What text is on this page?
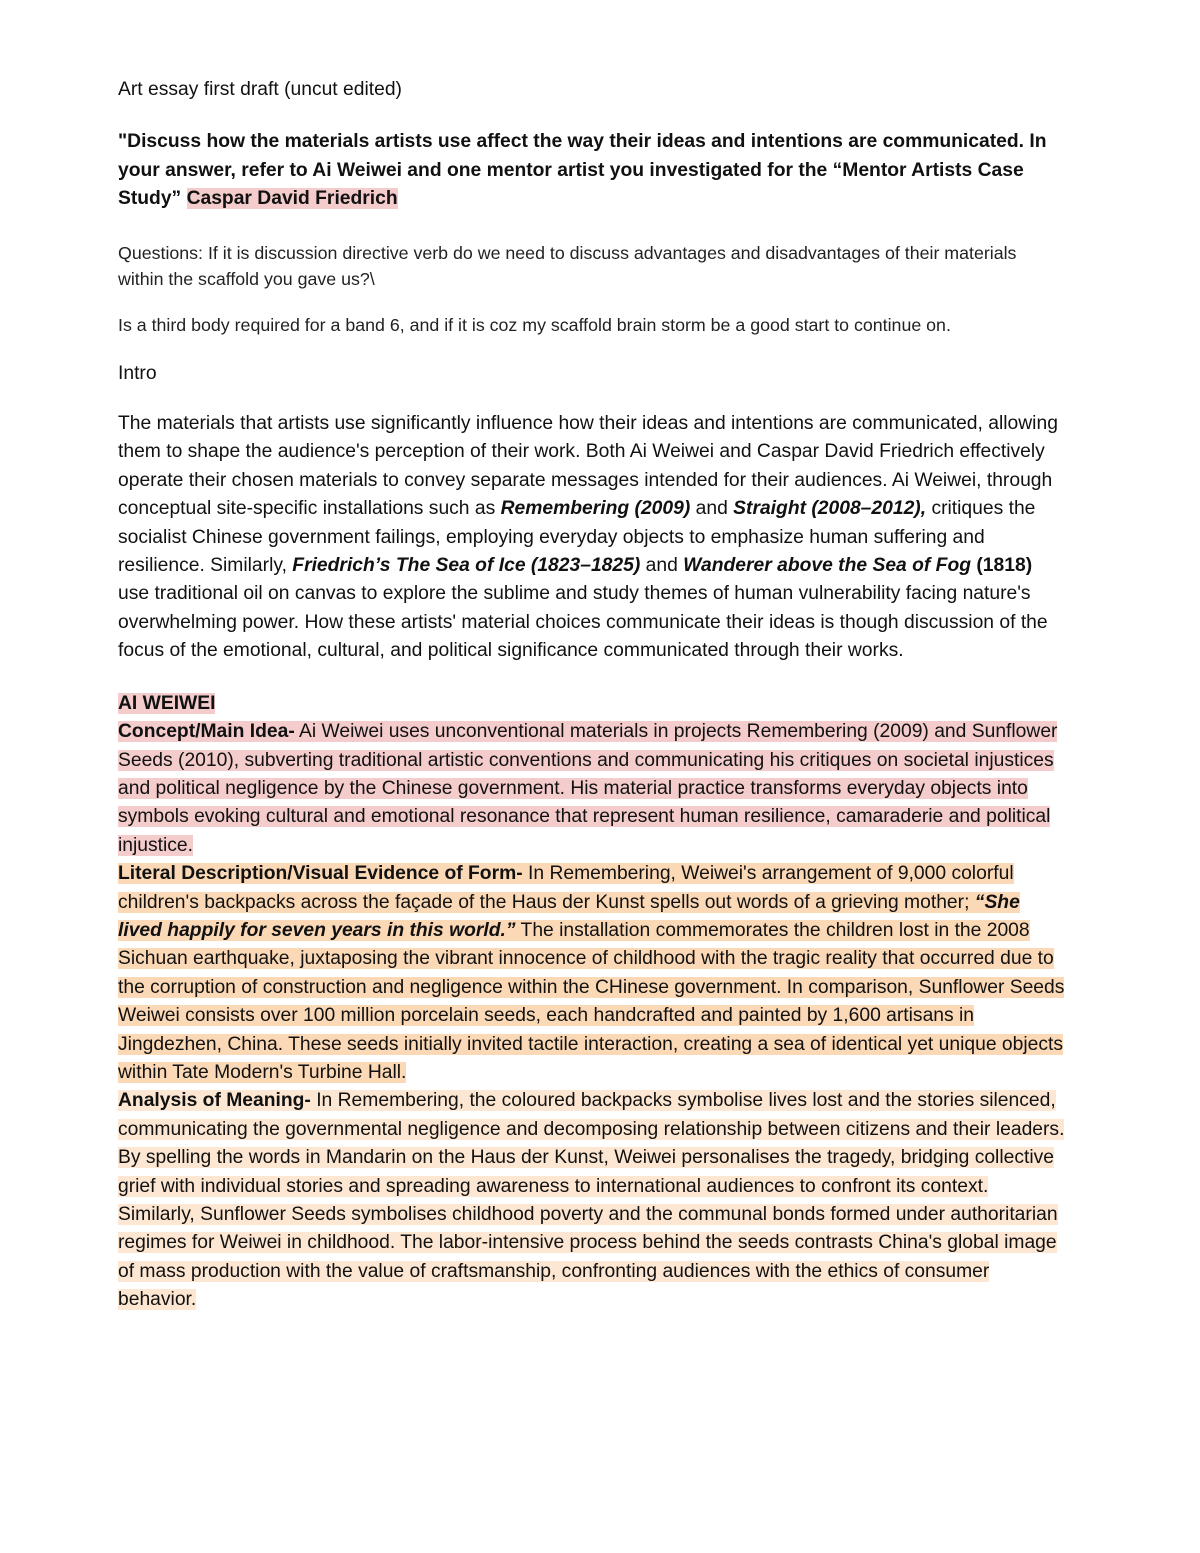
Art essay first draft (uncut edited)

"Discuss how the materials artists use affect the way their ideas and intentions are communicated. In your answer, refer to Ai Weiwei and one mentor artist you investigated for the “Mentor Artists Case Study” Caspar David Friedrich

Questions: If it is discussion directive verb do we need to discuss advantages and disadvantages of their materials within the scaffold you gave us?\

Is a third body required for a band 6, and if it is coz my scaffold brain storm be a good start to continue on.

Intro

The materials that artists use significantly influence how their ideas and intentions are communicated, allowing them to shape the audience's perception of their work. Both Ai Weiwei and Caspar David Friedrich effectively operate their chosen materials to convey separate messages intended for their audiences. Ai Weiwei, through conceptual site-specific installations such as Remembering (2009) and Straight (2008–2012), critiques the socialist Chinese government failings, employing everyday objects to emphasize human suffering and resilience. Similarly, Friedrich’s The Sea of Ice (1823–1825) and Wanderer above the Sea of Fog (1818) use traditional oil on canvas to explore the sublime and study themes of human vulnerability facing nature's overwhelming power. How these artists' material choices communicate their ideas is though discussion of the focus of the emotional, cultural, and political significance communicated through their works.

AI WEIWEI

Concept/Main Idea- Ai Weiwei uses unconventional materials in projects Remembering (2009) and Sunflower Seeds (2010), subverting traditional artistic conventions and communicating his critiques on societal injustices and political negligence by the Chinese government. His material practice transforms everyday objects into symbols evoking cultural and emotional resonance that represent human resilience, camaraderie and political injustice.

Literal Description/Visual Evidence of Form- In Remembering, Weiwei's arrangement of 9,000 colorful children's backpacks across the façade of the Haus der Kunst spells out words of a grieving mother; “She lived happily for seven years in this world.” The installation commemorates the children lost in the 2008 Sichuan earthquake, juxtaposing the vibrant innocence of childhood with the tragic reality that occurred due to the corruption of construction and negligence within the CHinese government. In comparison, Sunflower Seeds Weiwei consists over 100 million porcelain seeds, each handcrafted and painted by 1,600 artisans in Jingdezhen, China. These seeds initially invited tactile interaction, creating a sea of identical yet unique objects within Tate Modern's Turbine Hall.

Analysis of Meaning- In Remembering, the coloured backpacks symbolise lives lost and the stories silenced, communicating the governmental negligence and decomposing relationship between citizens and their leaders. By spelling the words in Mandarin on the Haus der Kunst, Weiwei personalises the tragedy, bridging collective grief with individual stories and spreading awareness to international audiences to confront its context. Similarly, Sunflower Seeds symbolises childhood poverty and the communal bonds formed under authoritarian regimes for Weiwei in childhood. The labor-intensive process behind the seeds contrasts China's global image of mass production with the value of craftsmanship, confronting audiences with the ethics of consumer behavior.
